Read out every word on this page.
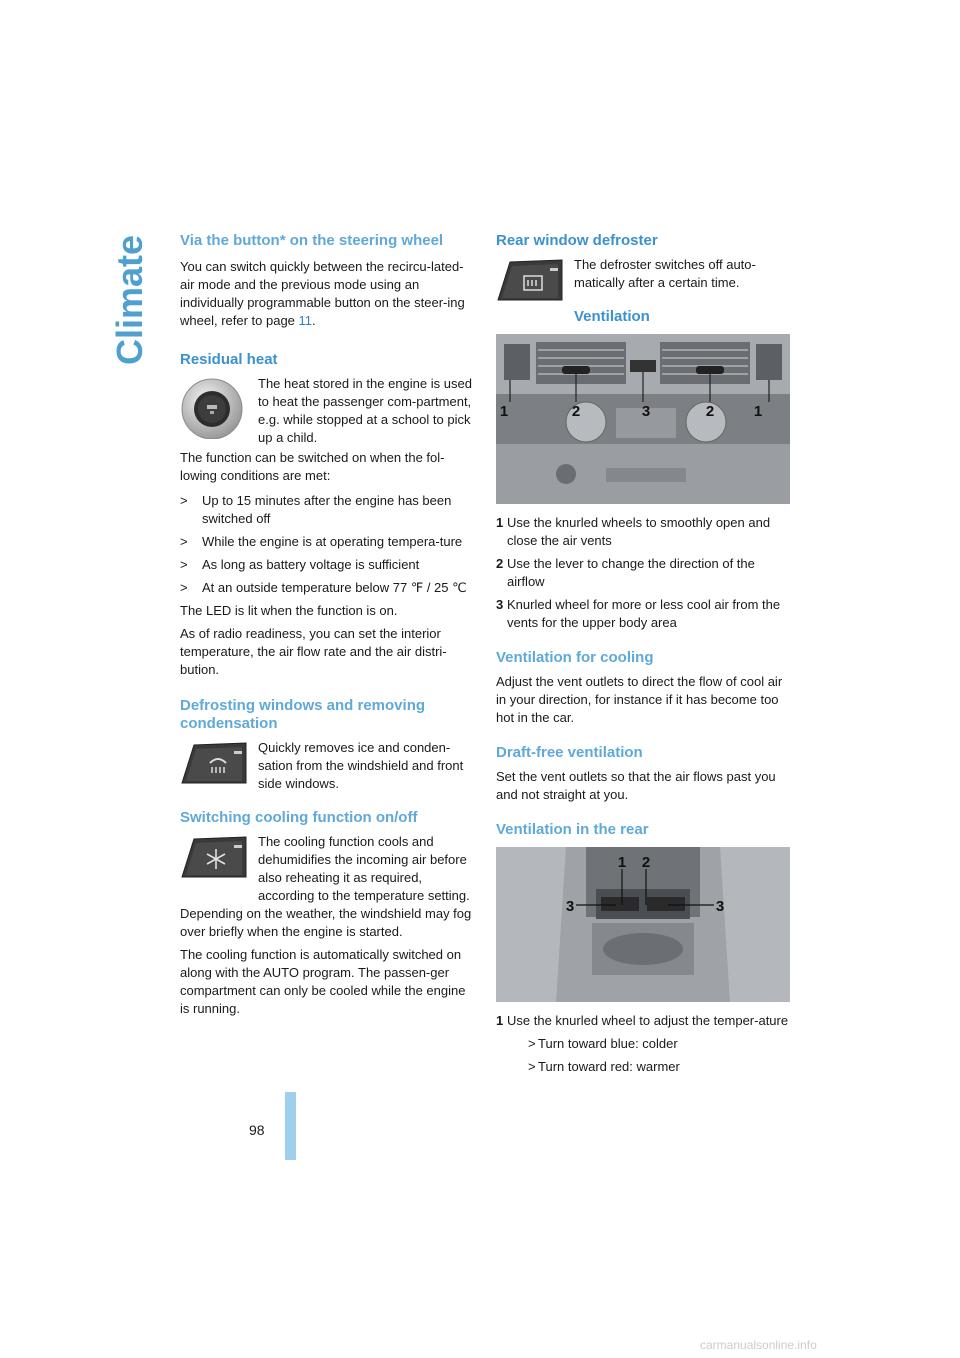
Climate
98
Via the button* on the steering wheel

You can switch quickly between the recircu-lated-air mode and the previous mode using an individually programmable button on the steer-ing wheel, refer to page 11.

Residual heat

The heat stored in the engine is used to heat the passenger com-partment, e.g. while stopped at a school to pick up a child.

The function can be switched on when the fol-lowing conditions are met:

>	Up to 15 minutes after the engine has been switched off
>	While the engine is at operating tempera-ture
>	As long as battery voltage is sufficient
>	At an outside temperature below 77 ℉ / 25 ℃

The LED is lit when the function is on.

As of radio readiness, you can set the interior temperature, the air flow rate and the air distri-bution.

Defrosting windows and removing condensation

Quickly removes ice and conden-sation from the windshield and front side windows.

Switching cooling function on/off

The cooling function cools and dehumidifies the incoming air before also reheating it as required, according to the temperature setting. Depending on the weather, the windshield may fog over briefly when the engine is started.

The cooling function is automatically switched on along with the AUTO program. The passen-ger compartment can only be cooled while the engine is running.

Rear window defroster

The defroster switches off auto-matically after a certain time.

Ventilation
1	2	3	2	1
1 Use the knurled wheels to smoothly open and close the air vents
2 Use the lever to change the direction of the airflow
3 Knurled wheel for more or less cool air from the vents for the upper body area
Ventilation for cooling

Adjust the vent outlets to direct the flow of cool air in your direction, for instance if it has become too hot in the car.

Draft-free ventilation

Set the vent outlets so that the air flows past you and not straight at you.

Ventilation in the rear
1 2
3	3
1 Use the knurled wheel to adjust the temper-ature
> Turn toward blue: colder
> Turn toward red: warmer
carmanualsonline.info
